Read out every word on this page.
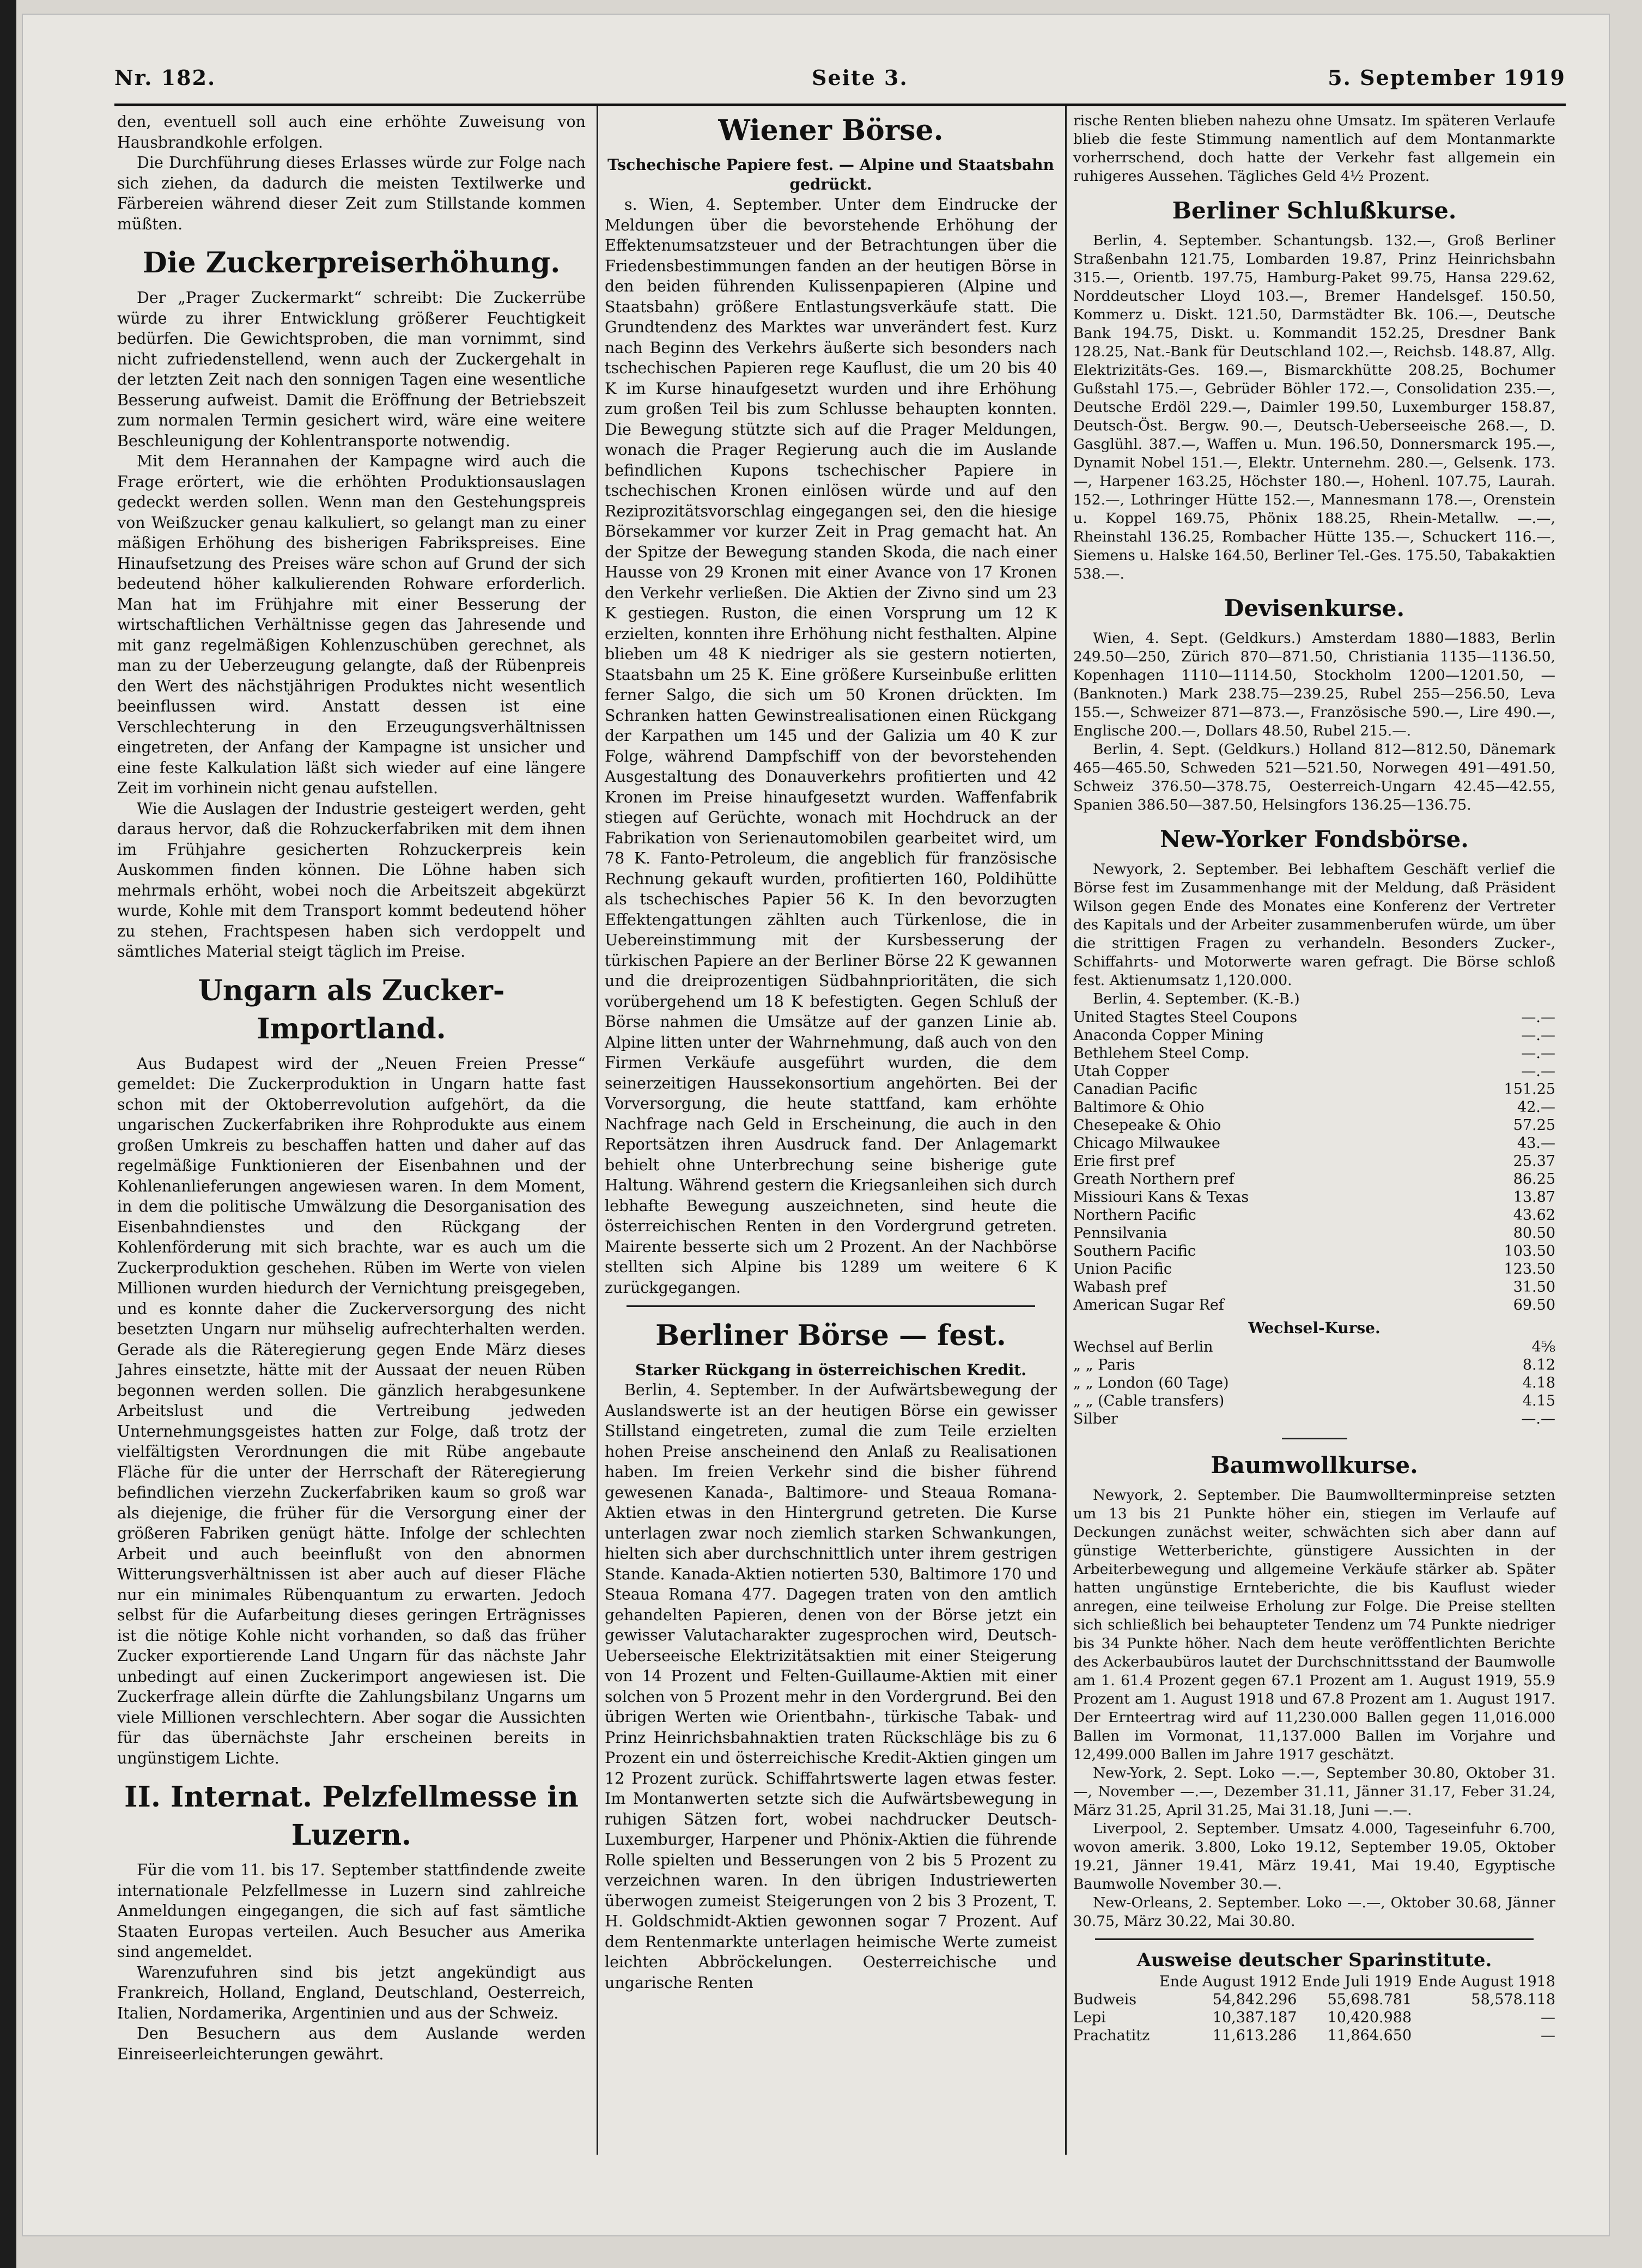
Nr. 182.	Seite 3.	5. September 1919

den, eventuell soll auch eine erhöhte Zuweisung von Hausbrandkohle erfolgen.

Die Durchführung dieses Erlasses würde zur Folge nach sich ziehen, da dadurch die meisten Textilwerke und Färbereien während dieser Zeit zum Stillstande kommen müßten.

Die Zuckerpreiserhöhung.

Der „Prager Zuckermarkt“ schreibt: Die Zuckerrübe würde zu ihrer Entwicklung größerer Feuchtigkeit bedürfen. Die Gewichtsproben, die man vornimmt, sind nicht zufriedenstellend, wenn auch der Zuckergehalt in der letzten Zeit nach den sonnigen Tagen eine wesentliche Besserung aufweist. Damit die Eröffnung der Betriebszeit zum normalen Termin gesichert wird, wäre eine weitere Beschleunigung der Kohlentransporte notwendig.

Mit dem Herannahen der Kampagne wird auch die Frage erörtert, wie die erhöhten Produktionsauslagen gedeckt werden sollen. Wenn man den Gestehungspreis von Weißzucker genau kalkuliert, so gelangt man zu einer mäßigen Erhöhung des bisherigen Fabrikspreises. Eine Hinaufsetzung des Preises wäre schon auf Grund der sich bedeutend höher kalkulierenden Rohware erforderlich. Man hat im Frühjahre mit einer Besserung der wirtschaftlichen Verhältnisse gegen das Jahresende und mit ganz regelmäßigen Kohlenzuschüben gerechnet, als man zu der Ueberzeugung gelangte, daß der Rübenpreis den Wert des nächstjährigen Produktes nicht wesentlich beeinflussen wird. Anstatt dessen ist eine Verschlechterung in den Erzeugungsverhältnissen eingetreten, der Anfang der Kampagne ist unsicher und eine feste Kalkulation läßt sich wieder auf eine längere Zeit im vorhinein nicht genau aufstellen.

Wie die Auslagen der Industrie gesteigert werden, geht daraus hervor, daß die Rohzuckerfabriken mit dem ihnen im Frühjahre gesicherten Rohzuckerpreis kein Auskommen finden können. Die Löhne haben sich mehrmals erhöht, wobei noch die Arbeitszeit abgekürzt wurde, Kohle mit dem Transport kommt bedeutend höher zu stehen, Frachtspesen haben sich verdoppelt und sämtliches Material steigt täglich im Preise.

Ungarn als Zucker-Importland.

Aus Budapest wird der „Neuen Freien Presse“ gemeldet: Die Zuckerproduktion in Ungarn hatte fast schon mit der Oktoberrevolution aufgehört, da die ungarischen Zuckerfabriken ihre Rohprodukte aus einem großen Umkreis zu beschaffen hatten und daher auf das regelmäßige Funktionieren der Eisenbahnen und der Kohlenanlieferungen angewiesen waren. In dem Moment, in dem die politische Umwälzung die Desorganisation des Eisenbahndienstes und den Rückgang der Kohlenförderung mit sich brachte, war es auch um die Zuckerproduktion geschehen. Rüben im Werte von vielen Millionen wurden hiedurch der Vernichtung preisgegeben, und es konnte daher die Zuckerversorgung des nicht besetzten Ungarn nur mühselig aufrechterhalten werden. Gerade als die Räteregierung gegen Ende März dieses Jahres einsetzte, hätte mit der Aussaat der neuen Rüben begonnen werden sollen. Die gänzlich herabgesunkene Arbeitslust und die Vertreibung jedweden Unternehmungsgeistes hatten zur Folge, daß trotz der vielfältigsten Verordnungen die mit Rübe angebaute Fläche für die unter der Herrschaft der Räteregierung befindlichen vierzehn Zuckerfabriken kaum so groß war als diejenige, die früher für die Versorgung einer der größeren Fabriken genügt hätte. Infolge der schlechten Arbeit und auch beeinflußt von den abnormen Witterungsverhältnissen ist aber auch auf dieser Fläche nur ein minimales Rübenquantum zu erwarten. Jedoch selbst für die Aufarbeitung dieses geringen Erträgnisses ist die nötige Kohle nicht vorhanden, so daß das früher Zucker exportierende Land Ungarn für das nächste Jahr unbedingt auf einen Zuckerimport angewiesen ist. Die Zuckerfrage allein dürfte die Zahlungsbilanz Ungarns um viele Millionen verschlechtern. Aber sogar die Aussichten für das übernächste Jahr erscheinen bereits in ungünstigem Lichte.

II. Internat. Pelzfellmesse in Luzern.

Für die vom 11. bis 17. September stattfindende zweite internationale Pelzfellmesse in Luzern sind zahlreiche Anmeldungen eingegangen, die sich auf fast sämtliche Staaten Europas verteilen. Auch Besucher aus Amerika sind angemeldet.

Warenzufuhren sind bis jetzt angekündigt aus Frankreich, Holland, England, Deutschland, Oesterreich, Italien, Nordamerika, Argentinien und aus der Schweiz.

Den Besuchern aus dem Auslande werden Einreiseerleichterungen gewährt.

Wiener Börse.
Tschechische Papiere fest. — Alpine und Staatsbahn gedrückt.

s. Wien, 4. September. Unter dem Eindrucke der Meldungen über die bevorstehende Erhöhung der Effektenumsatzsteuer und der Betrachtungen über die Friedensbestimmungen fanden an der heutigen Börse in den beiden führenden Kulissenpapieren (Alpine und Staatsbahn) größere Entlastungsverkäufe statt. Die Grundtendenz des Marktes war unverändert fest. Kurz nach Beginn des Verkehrs äußerte sich besonders nach tschechischen Papieren rege Kauflust, die um 20 bis 40 K im Kurse hinaufgesetzt wurden und ihre Erhöhung zum großen Teil bis zum Schlusse behaupten konnten. Die Bewegung stützte sich auf die Prager Meldungen, wonach die Prager Regierung auch die im Auslande befindlichen Kupons tschechischer Papiere in tschechischen Kronen einlösen würde und auf den Reziprozitätsvorschlag eingegangen sei, den die hiesige Börsekammer vor kurzer Zeit in Prag gemacht hat. An der Spitze der Bewegung standen Skoda, die nach einer Hausse von 29 Kronen mit einer Avance von 17 Kronen den Verkehr verließen. Die Aktien der Zivno sind um 23 K gestiegen. Ruston, die einen Vorsprung um 12 K erzielten, konnten ihre Erhöhung nicht festhalten. Alpine blieben um 48 K niedriger als sie gestern notierten, Staatsbahn um 25 K. Eine größere Kurseinbuße erlitten ferner Salgo, die sich um 50 Kronen drückten. Im Schranken hatten Gewinstrealisationen einen Rückgang der Karpathen um 145 und der Galizia um 40 K zur Folge, während Dampfschiff von der bevorstehenden Ausgestaltung des Donauverkehrs profitierten und 42 Kronen im Preise hinaufgesetzt wurden. Waffenfabrik stiegen auf Gerüchte, wonach mit Hochdruck an der Fabrikation von Serienautomobilen gearbeitet wird, um 78 K. Fanto-Petroleum, die angeblich für französische Rechnung gekauft wurden, profitierten 160, Poldihütte als tschechisches Papier 56 K. In den bevorzugten Effektengattungen zählten auch Türkenlose, die in Uebereinstimmung mit der Kursbesserung der türkischen Papiere an der Berliner Börse 22 K gewannen und die dreiprozentigen Südbahnprioritäten, die sich vorübergehend um 18 K befestigten. Gegen Schluß der Börse nahmen die Umsätze auf der ganzen Linie ab. Alpine litten unter der Wahrnehmung, daß auch von den Firmen Verkäufe ausgeführt wurden, die dem seinerzeitigen Haussekonsortium angehörten. Bei der Vorversorgung, die heute stattfand, kam erhöhte Nachfrage nach Geld in Erscheinung, die auch in den Reportsätzen ihren Ausdruck fand. Der Anlagemarkt behielt ohne Unterbrechung seine bisherige gute Haltung. Während gestern die Kriegsanleihen sich durch lebhafte Bewegung auszeichneten, sind heute die österreichischen Renten in den Vordergrund getreten. Mairente besserte sich um 2 Prozent. An der Nachbörse stellten sich Alpine bis 1289 um weitere 6 K zurückgegangen.

Berliner Börse — fest.
Starker Rückgang in österreichischen Kredit.

Berlin, 4. September. In der Aufwärtsbewegung der Auslandswerte ist an der heutigen Börse ein gewisser Stillstand eingetreten, zumal die zum Teile erzielten hohen Preise anscheinend den Anlaß zu Realisationen haben. Im freien Verkehr sind die bisher führend gewesenen Kanada-, Baltimore- und Steaua Romana-Aktien etwas in den Hintergrund getreten. Die Kurse unterlagen zwar noch ziemlich starken Schwankungen, hielten sich aber durchschnittlich unter ihrem gestrigen Stande. Kanada-Aktien notierten 530, Baltimore 170 und Steaua Romana 477. Dagegen traten von den amtlich gehandelten Papieren, denen von der Börse jetzt ein gewisser Valutacharakter zugesprochen wird, Deutsch-Ueberseeische Elektrizitätsaktien mit einer Steigerung von 14 Prozent und Felten-Guillaume-Aktien mit einer solchen von 5 Prozent mehr in den Vordergrund. Bei den übrigen Werten wie Orientbahn-, türkische Tabak- und Prinz Heinrichsbahnaktien traten Rückschläge bis zu 6 Prozent ein und österreichische Kredit-Aktien gingen um 12 Prozent zurück. Schiffahrtswerte lagen etwas fester. Im Montanwerten setzte sich die Aufwärtsbewegung in ruhigen Sätzen fort, wobei nachdrucker Deutsch-Luxemburger, Harpener und Phönix-Aktien die führende Rolle spielten und Besserungen von 2 bis 5 Prozent zu verzeichnen waren. In den übrigen Industriewerten überwogen zumeist Steigerungen von 2 bis 3 Prozent, T. H. Goldschmidt-Aktien gewonnen sogar 7 Prozent. Auf dem Rentenmarkte unterlagen heimische Werte zumeist leichten Abbröckelungen. Oesterreichische und ungarische Renten

rische Renten blieben nahezu ohne Umsatz. Im späteren Verlaufe blieb die feste Stimmung namentlich auf dem Montanmarkte vorherrschend, doch hatte der Verkehr fast allgemein ein ruhigeres Aussehen. Tägliches Geld 4½ Prozent.

Berliner Schlußkurse.

Berlin, 4. September. Schantungsb. 132.—, Groß Berliner Straßenbahn 121.75, Lombarden 19.87, Prinz Heinrichsbahn 315.—, Orientb. 197.75, Hamburg-Paket 99.75, Hansa 229.62, Norddeutscher Lloyd 103.—, Bremer Handelsgef. 150.50, Kommerz u. Diskt. 121.50, Darmstädter Bk. 106.—, Deutsche Bank 194.75, Diskt. u. Kommandit 152.25, Dresdner Bank 128.25, Nat.-Bank für Deutschland 102.—, Reichsb. 148.87, Allg. Elektrizitäts-Ges. 169.—, Bismarckhütte 208.25, Bochumer Gußstahl 175.—, Gebrüder Böhler 172.—, Consolidation 235.—, Deutsche Erdöl 229.—, Daimler 199.50, Luxemburger 158.87, Deutsch-Öst. Bergw. 90.—, Deutsch-Ueberseeische 268.—, D. Gasglühl. 387.—, Waffen u. Mun. 196.50, Donnersmarck 195.—, Dynamit Nobel 151.—, Elektr. Unternehm. 280.—, Gelsenk. 173.—, Harpener 163.25, Höchster 180.—, Hohenl. 107.75, Laurah. 152.—, Lothringer Hütte 152.—, Mannesmann 178.—, Orenstein u. Koppel 169.75, Phönix 188.25, Rhein-Metallw. —.—, Rheinstahl 136.25, Rombacher Hütte 135.—, Schuckert 116.—, Siemens u. Halske 164.50, Berliner Tel.-Ges. 175.50, Tabakaktien 538.—.

Devisenkurse.

Wien, 4. Sept. (Geldkurs.) Amsterdam 1880—1883, Berlin 249.50—250, Zürich 870—871.50, Christiania 1135—1136.50, Kopenhagen 1110—1114.50, Stockholm 1200—1201.50, — (Banknoten.) Mark 238.75—239.25, Rubel 255—256.50, Leva 155.—, Schweizer 871—873.—, Französische 590.—, Lire 490.—, Englische 200.—, Dollars 48.50, Rubel 215.—.

Berlin, 4. Sept. (Geldkurs.) Holland 812—812.50, Dänemark 465—465.50, Schweden 521—521.50, Norwegen 491—491.50, Schweiz 376.50—378.75, Oesterreich-Ungarn 42.45—42.55, Spanien 386.50—387.50, Helsingfors 136.25—136.75.

New-Yorker Fondsbörse.

Newyork, 2. September. Bei lebhaftem Geschäft verlief die Börse fest im Zusammenhange mit der Meldung, daß Präsident Wilson gegen Ende des Monates eine Konferenz der Vertreter des Kapitals und der Arbeiter zusammenberufen würde, um über die strittigen Fragen zu verhandeln. Besonders Zucker-, Schiffahrts- und Motorwerte waren gefragt. Die Börse schloß fest. Aktienumsatz 1,120.000.

Berlin, 4. September. (K.-B.)

United Stagtes Steel Coupons	—.—
Anaconda Copper Mining	—.—
Bethlehem Steel Comp.	—.—
Utah Copper	—.—
Canadian Pacific	151.25
Baltimore & Ohio	42.—
Chesepeake & Ohio	57.25
Chicago Milwaukee	43.—
Erie first pref	25.37
Greath Northern pref	86.25
Missiouri Kans & Texas	13.87
Northern Pacific	43.62
Pennsilvania	80.50
Southern Pacific	103.50
Union Pacific	123.50
Wabash pref	31.50
American Sugar Ref	69.50
Wechsel-Kurse.
Wechsel auf Berlin	4⅝
„ „ Paris	8.12
„ „ London (60 Tage)	4.18
„ „ (Cable transfers)	4.15
Silber	—.—
Baumwollkurse.

Newyork, 2. September. Die Baumwollterminpreise setzten um 13 bis 21 Punkte höher ein, stiegen im Verlaufe auf Deckungen zunächst weiter, schwächten sich aber dann auf günstige Wetterberichte, günstigere Aussichten in der Arbeiterbewegung und allgemeine Verkäufe stärker ab. Später hatten ungünstige Ernteberichte, die bis Kauflust wieder anregen, eine teilweise Erholung zur Folge. Die Preise stellten sich schließlich bei behaupteter Tendenz um 74 Punkte niedriger bis 34 Punkte höher. Nach dem heute veröffentlichten Berichte des Ackerbaubüros lautet der Durchschnittsstand der Baumwolle am 1. 61.4 Prozent gegen 67.1 Prozent am 1. August 1919, 55.9 Prozent am 1. August 1918 und 67.8 Prozent am 1. August 1917. Der Ernteertrag wird auf 11,230.000 Ballen gegen 11,016.000 Ballen im Vormonat, 11,137.000 Ballen im Vorjahre und 12,499.000 Ballen im Jahre 1917 geschätzt.

New-York, 2. Sept. Loko —.—, September 30.80, Oktober 31.—, November —.—, Dezember 31.11, Jänner 31.17, Feber 31.24, März 31.25, April 31.25, Mai 31.18, Juni —.—.

Liverpool, 2. September. Umsatz 4.000, Tageseinfuhr 6.700, wovon amerik. 3.800, Loko 19.12, September 19.05, Oktober 19.21, Jänner 19.41, März 19.41, Mai 19.40, Egyptische Baumwolle November 30.—.

New-Orleans, 2. September. Loko —.—, Oktober 30.68, Jänner 30.75, März 30.22, Mai 30.80.

Ausweise deutscher Sparinstitute.
	Ende August 1912	Ende Juli 1919	Ende August 1918
Budweis	54,842.296	55,698.781	58,578.118
Lepi	10,387.187	10,420.988	—
Prachatitz	11,613.286	11,864.650	—
